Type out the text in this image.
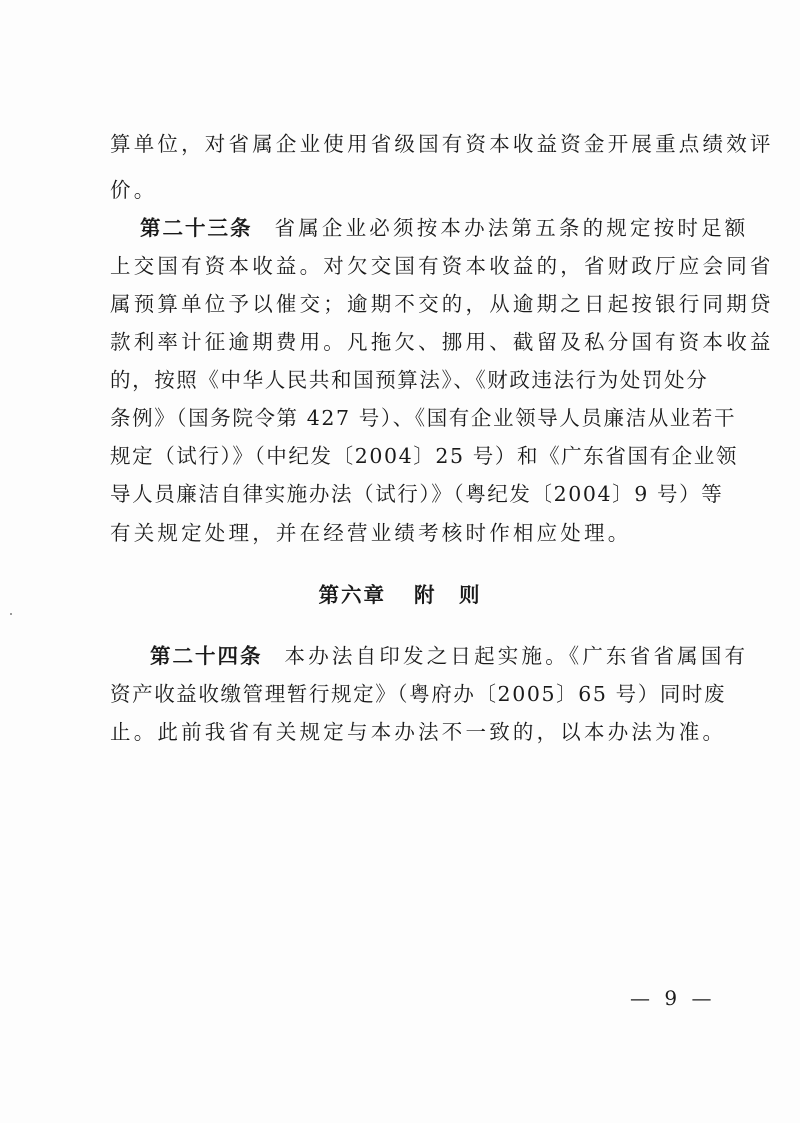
算单位，对省属企业使用省级国有资本收益资金开展重点绩效评
价。
第二十三条 省属企业必须按本办法第五条的规定按时足额
上交国有资本收益。对欠交国有资本收益的，省财政厅应会同省
属预算单位予以催交；逾期不交的，从逾期之日起按银行同期贷
款利率计征逾期费用。凡拖欠、挪用、截留及私分国有资本收益
的，按照《中华人民共和国预算法》、《财政违法行为处罚处分
条例》（国务院令第 427 号）、《国有企业领导人员廉洁从业若干
规定（试行）》（中纪发〔2004〕25 号）和《广东省国有企业领
导人员廉洁自律实施办法（试行）》（粤纪发〔2004〕9 号）等
有关规定处理，并在经营业绩考核时作相应处理。
第六章 附　则
第二十四条 本办法自印发之日起实施。《广东省省属国有
资产收益收缴管理暂行规定》（粤府办〔2005〕65 号）同时废
止。此前我省有关规定与本办法不一致的，以本办法为准。
— 9 —
